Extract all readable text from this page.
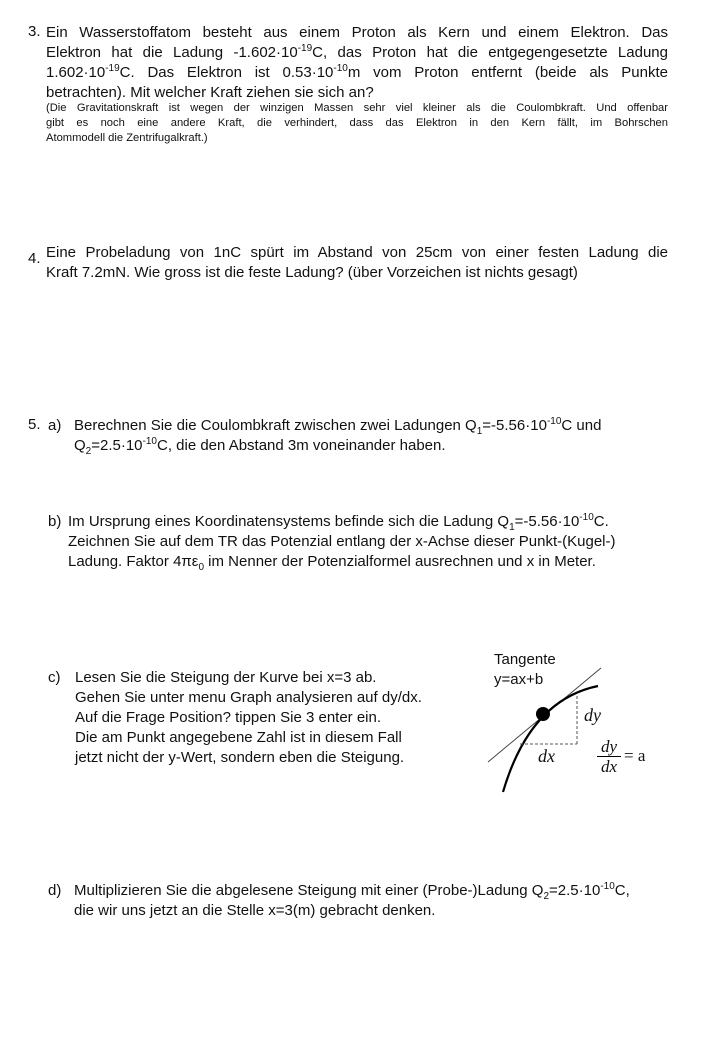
3. Ein Wasserstoffatom besteht aus einem Proton als Kern und einem Elektron. Das
Elektron hat die Ladung $-1.602\cdot 10^{-19}C$, das Proton hat die entgegengesetzte Ladung
$1.602\cdot 10^{-19}C$. Das Elektron ist $0.53\cdot 10^{-10}m$ vom Proton entfernt (beide als Punkte
betrachten). Mit welcher Kraft ziehen sie sich an?
(Die Gravitationskraft ist wegen der winzigen Massen sehr viel kleiner als die Coulombkraft. Und offenbar
gibt es noch eine andere Kraft, die verhindert, dass das Elektron in den Kern fällt, im Bohrschen
Atommodell die Zentrifugalkraft.)
4. Eine Probeladung von 1nC spürt im Abstand von 25cm von einer festen Ladung die
Kraft 7.2mN. Wie gross ist die feste Ladung? (über Vorzeichen ist nichts gesagt)
5. a) Berechnen Sie die Coulombkraft zwischen zwei Ladungen $Q_1=-5.56\cdot 10^{-10}C$ und
$Q_2=2.5\cdot 10^{-10}C$, die den Abstand 3m voneinander haben.
b) Im Ursprung eines Koordinatensystems befinde sich die Ladung $Q_1=-5.56\cdot 10^{-10}C$.
Zeichnen Sie auf dem TR das Potenzial entlang der x-Achse dieser Punkt-(Kugel-)
Ladung. Faktor $4\pi\varepsilon_0$ im Nenner der Potenzialformel ausrechnen und x in Meter.
c) Lesen Sie die Steigung der Kurve bei x=3 ab.
Gehen Sie unter menu Graph analysieren auf dy/dx.
Auf die Frage Position? tippen Sie 3 enter ein.
Die am Punkt angegebene Zahl ist in diesem Fall
jetzt nicht der y-Wert, sondern eben die Steigung.
Tangente
y=ax+b
dy
dx $\frac{dy}{dx} = a$
d) Multiplizieren Sie die abgelesene Steigung mit einer (Probe-)Ladung $Q_2=2.5\cdot 10^{-10}C$,
die wir uns jetzt an die Stelle x=3(m) gebracht denken.
